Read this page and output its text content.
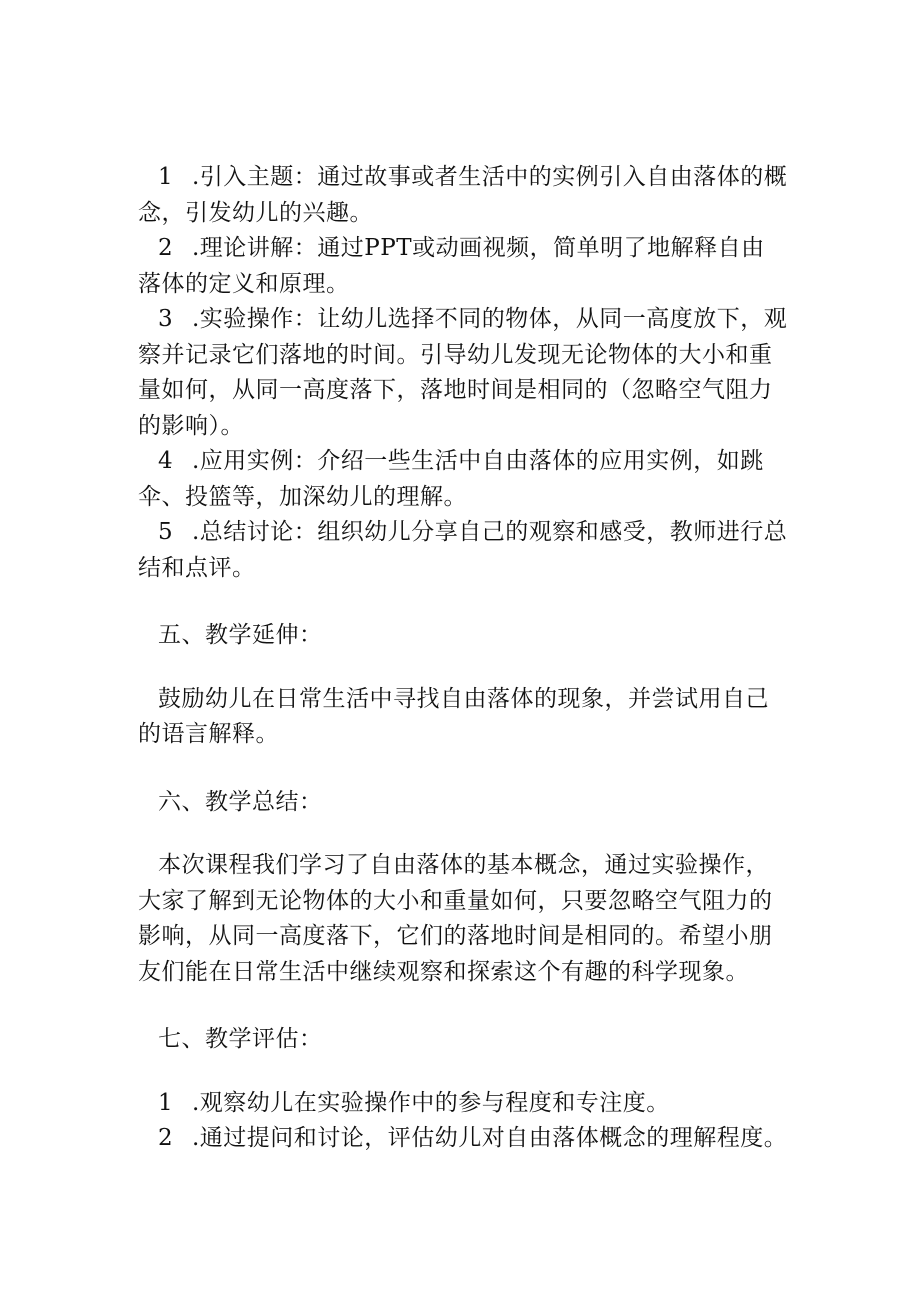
1 .引入主题：通过故事或者生活中的实例引入自由落体的概念，引发幼儿的兴趣。

2 .理论讲解：通过PPT或动画视频，简单明了地解释自由落体的定义和原理。

3 .实验操作：让幼儿选择不同的物体，从同一高度放下，观察并记录它们落地的时间。引导幼儿发现无论物体的大小和重量如何，从同一高度落下，落地时间是相同的（忽略空气阻力的影响）。

4 .应用实例：介绍一些生活中自由落体的应用实例，如跳伞、投篮等，加深幼儿的理解。

5 .总结讨论：组织幼儿分享自己的观察和感受，教师进行总结和点评。

五、教学延伸：

鼓励幼儿在日常生活中寻找自由落体的现象，并尝试用自己的语言解释。

六、教学总结：

本次课程我们学习了自由落体的基本概念，通过实验操作，大家了解到无论物体的大小和重量如何，只要忽略空气阻力的影响，从同一高度落下，它们的落地时间是相同的。希望小朋友们能在日常生活中继续观察和探索这个有趣的科学现象。

七、教学评估：

1 .观察幼儿在实验操作中的参与程度和专注度。

2 .通过提问和讨论，评估幼儿对自由落体概念的理解程度。
